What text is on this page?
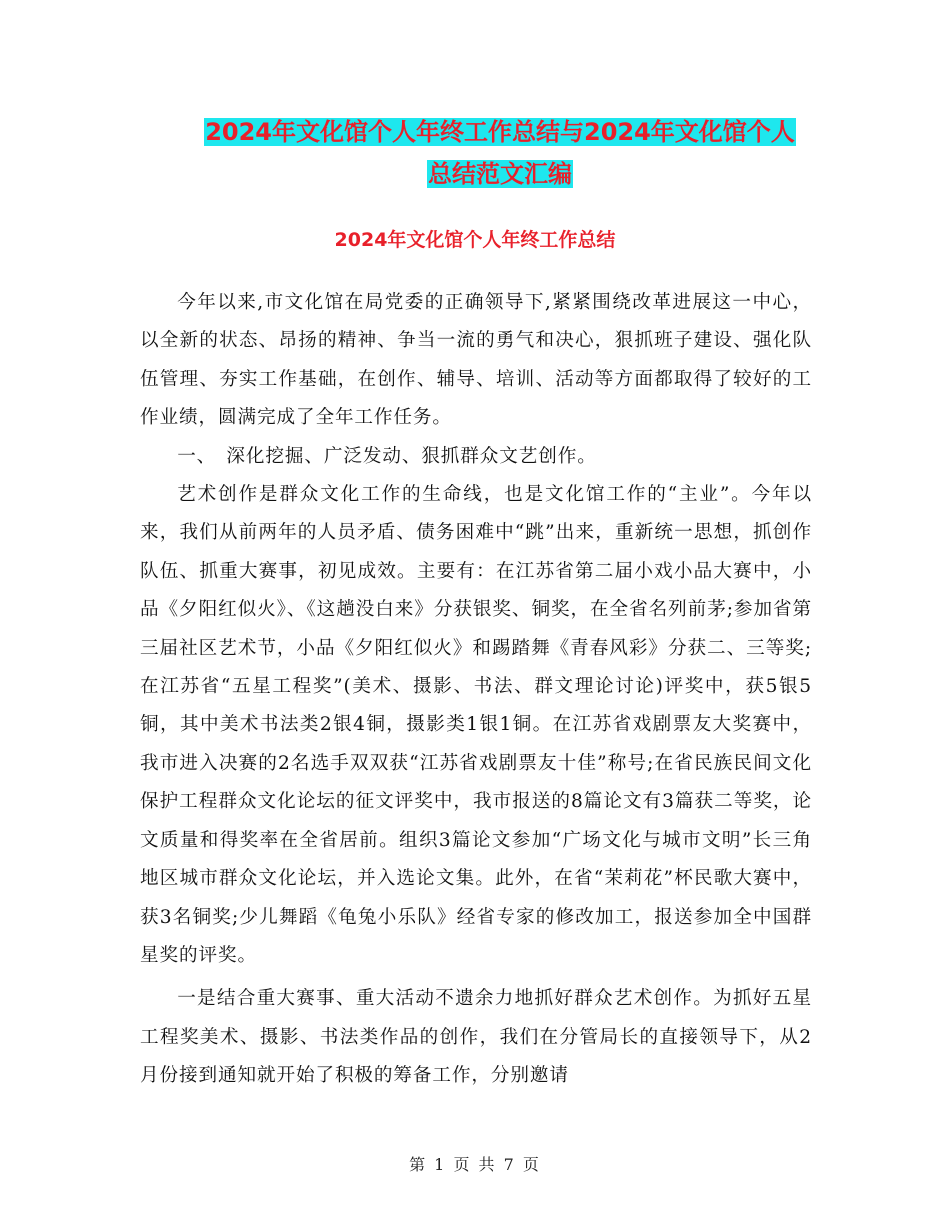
2024年文化馆个人年终工作总结与2024年文化馆个人
总结范文汇编
2024年文化馆个人年终工作总结

今年以来,市文化馆在局党委的正确领导下,紧紧围绕改革进展这一中心，以全新的状态、昂扬的精神、争当一流的勇气和决心，狠抓班子建设、强化队伍管理、夯实工作基础，在创作、辅导、培训、活动等方面都取得了较好的工作业绩，圆满完成了全年工作任务。

一、　深化挖掘、广泛发动、狠抓群众文艺创作。

艺术创作是群众文化工作的生命线，也是文化馆工作的“主业”。今年以来，我们从前两年的人员矛盾、债务困难中“跳”出来，重新统一思想，抓创作队伍、抓重大赛事，初见成效。主要有：在江苏省第二届小戏小品大赛中，小品《夕阳红似火》、《这趟没白来》分获银奖、铜奖，在全省名列前茅;参加省第三届社区艺术节，小品《夕阳红似火》和踢踏舞《青春风彩》分获二、三等奖;在江苏省“五星工程奖”(美术、摄影、书法、群文理论讨论)评奖中，获5银5铜，其中美术书法类2银4铜，摄影类1银1铜。在江苏省戏剧票友大奖赛中，我市进入决赛的2名选手双双获“江苏省戏剧票友十佳”称号;在省民族民间文化保护工程群众文化论坛的征文评奖中，我市报送的8篇论文有3篇获二等奖，论文质量和得奖率在全省居前。组织3篇论文参加“广场文化与城市文明”长三角地区城市群众文化论坛，并入选论文集。此外，在省“茉莉花”杯民歌大赛中，获3名铜奖;少儿舞蹈《龟兔小乐队》经省专家的修改加工，报送参加全中国群星奖的评奖。

一是结合重大赛事、重大活动不遗余力地抓好群众艺术创作。为抓好五星工程奖美术、摄影、书法类作品的创作，我们在分管局长的直接领导下，从2月份接到通知就开始了积极的筹备工作，分别邀请

第 1 页 共 7 页
